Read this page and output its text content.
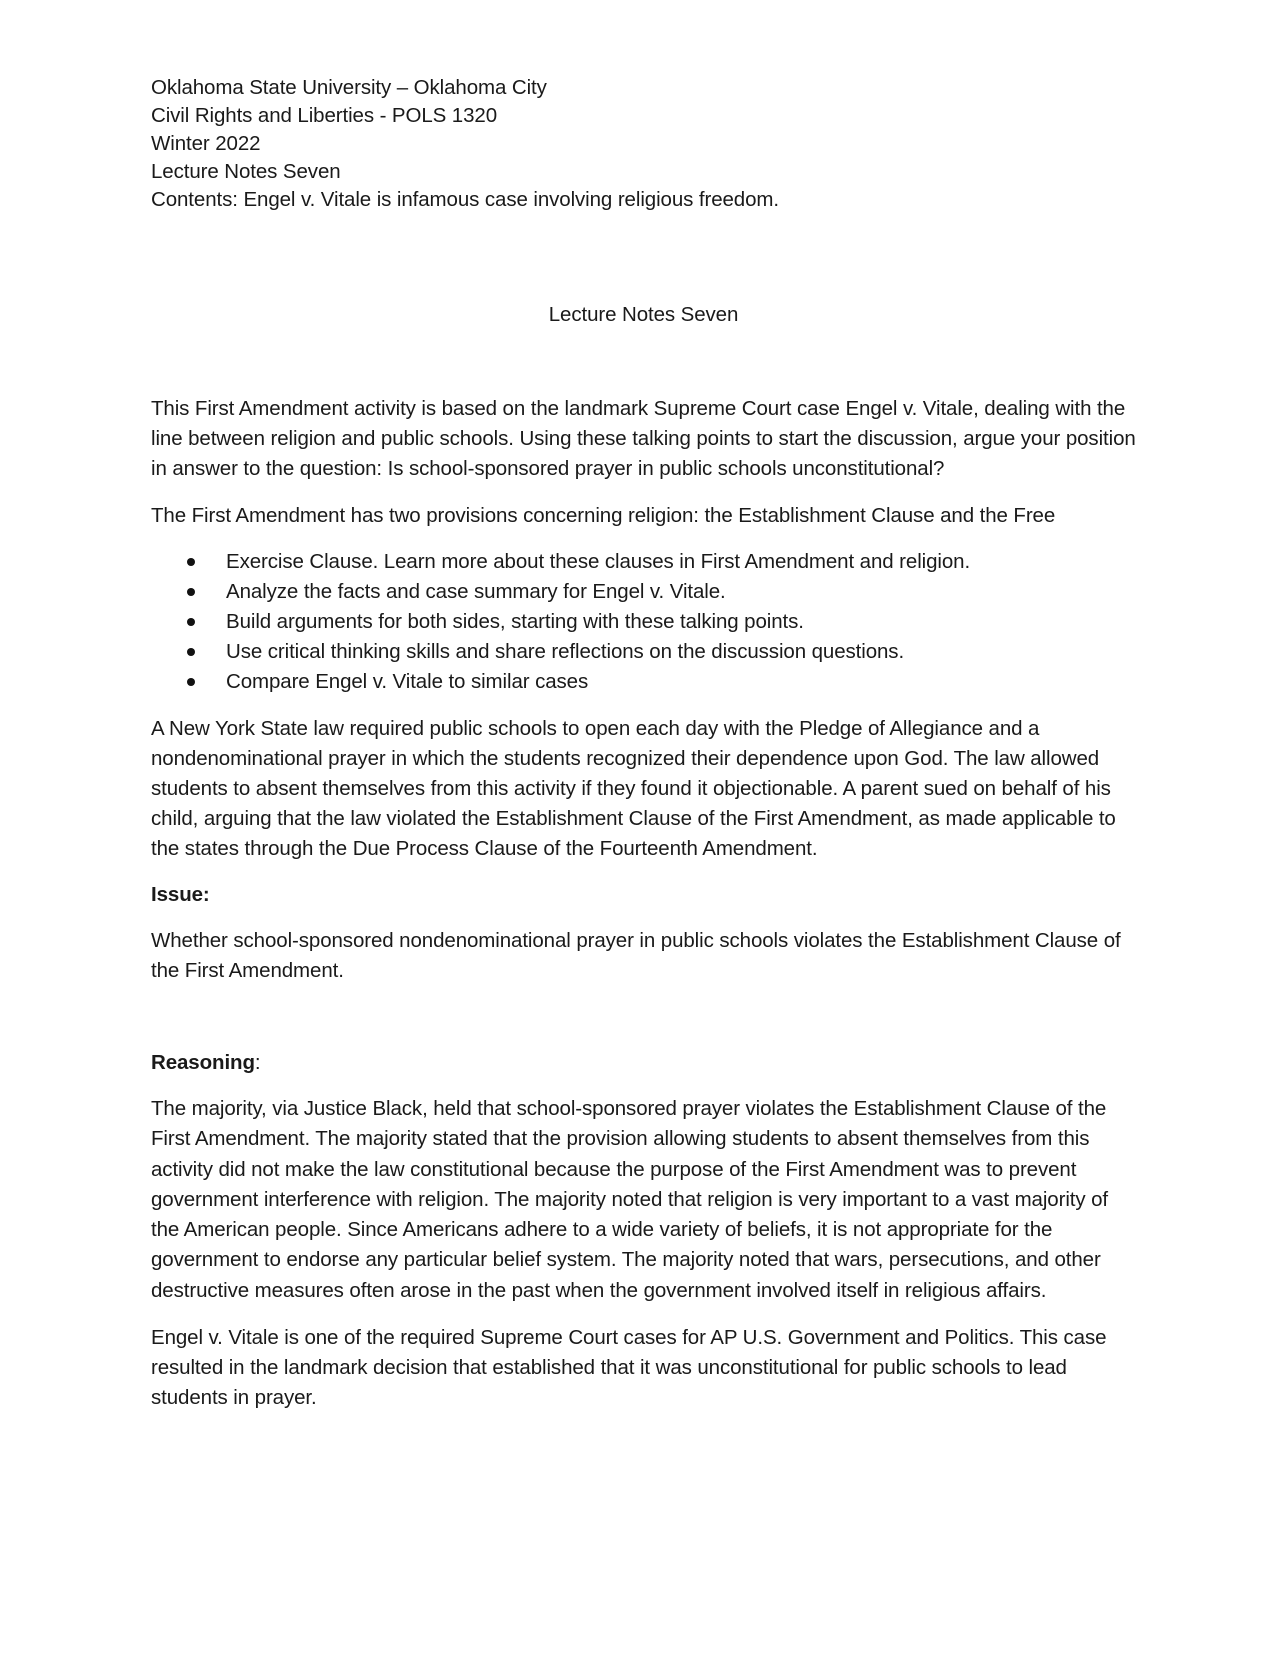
Oklahoma State University – Oklahoma City
Civil Rights and Liberties - POLS 1320
Winter 2022
Lecture Notes Seven
Contents: Engel v. Vitale is infamous case involving religious freedom.
Lecture Notes Seven

This First Amendment activity is based on the landmark Supreme Court case Engel v. Vitale, dealing with the line between religion and public schools. Using these talking points to start the discussion, argue your position in answer to the question: Is school-sponsored prayer in public schools unconstitutional?

The First Amendment has two provisions concerning religion: the Establishment Clause and the Free

Exercise Clause. Learn more about these clauses in First Amendment and religion.
Analyze the facts and case summary for Engel v. Vitale.
Build arguments for both sides, starting with these talking points.
Use critical thinking skills and share reflections on the discussion questions.
Compare Engel v. Vitale to similar cases

A New York State law required public schools to open each day with the Pledge of Allegiance and a nondenominational prayer in which the students recognized their dependence upon God. The law allowed students to absent themselves from this activity if they found it objectionable. A parent sued on behalf of his child, arguing that the law violated the Establishment Clause of the First Amendment, as made applicable to the states through the Due Process Clause of the Fourteenth Amendment.

Issue:

Whether school-sponsored nondenominational prayer in public schools violates the Establishment Clause of the First Amendment.

Reasoning:

The majority, via Justice Black, held that school-sponsored prayer violates the Establishment Clause of the First Amendment. The majority stated that the provision allowing students to absent themselves from this activity did not make the law constitutional because the purpose of the First Amendment was to prevent government interference with religion. The majority noted that religion is very important to a vast majority of the American people. Since Americans adhere to a wide variety of beliefs, it is not appropriate for the government to endorse any particular belief system. The majority noted that wars, persecutions, and other destructive measures often arose in the past when the government involved itself in religious affairs.

Engel v. Vitale is one of the required Supreme Court cases for AP U.S. Government and Politics. This case resulted in the landmark decision that established that it was unconstitutional for public schools to lead students in prayer.
